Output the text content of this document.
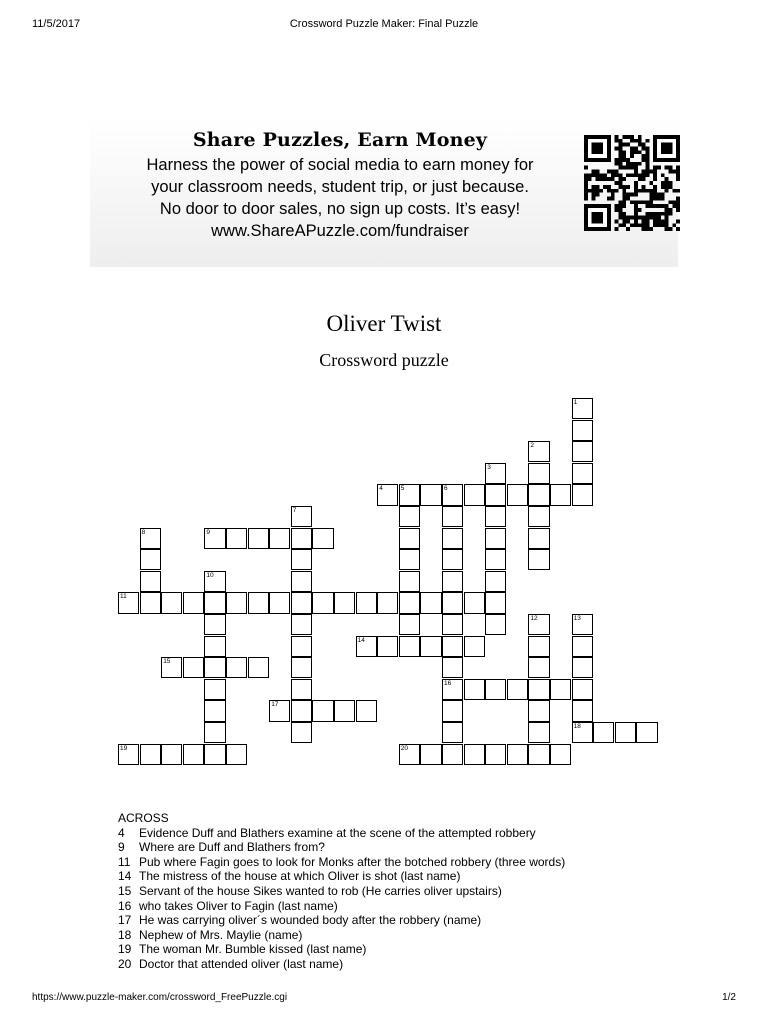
11/5/2017	Crossword Puzzle Maker: Final Puzzle
Share Puzzles, Earn Money
Harness the power of social media to earn money for
your classroom needs, student trip, or just because.
No door to door sales, no sign up costs. It’s easy!
www.ShareAPuzzle.com/fundraiser
Oliver Twist
Crossword puzzle
1
2
3
4	5	6
16
7
8	9
10
11
12	13
14
15
17
18
19	20
ACROSS
4 Evidence Duff and Blathers examine at the scene of the attempted robbery
9 Where are Duff and Blathers from?
11 Pub where Fagin goes to look for Monks after the botched robbery (three words)
14 The mistress of the house at which Oliver is shot (last name)
15 Servant of the house Sikes wanted to rob (He carries oliver upstairs)
16 who takes Oliver to Fagin (last name)
17 He was carrying oliver´s wounded body after the robbery (name)
18 Nephew of Mrs. Maylie (name)
19 The woman Mr. Bumble kissed (last name)
20 Doctor that attended oliver (last name)
https://www.puzzle-maker.com/crossword_FreePuzzle.cgi	1/2
